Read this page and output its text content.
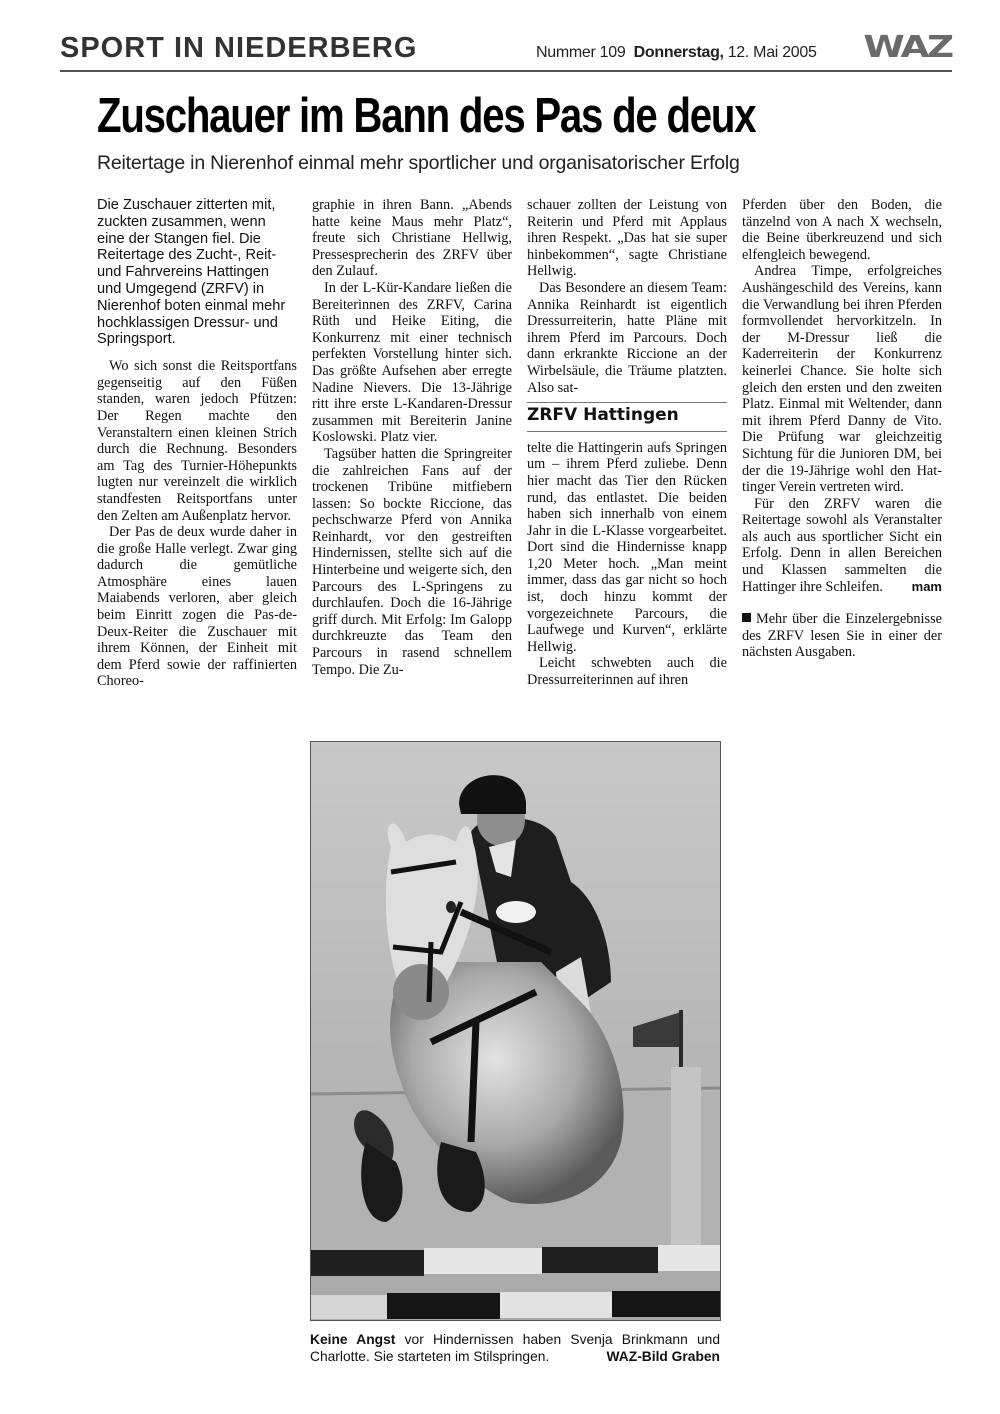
SPORT IN NIEDERBERG	Nummer 109 Donnerstag, 12. Mai 2005 WAZ
Zuschauer im Bann des Pas de deux
Reitertage in Nierenhof einmal mehr sportlicher und organisatorischer Erfolg

Die Zuschauer zitterten mit, zuckten zusammen, wenn eine der Stangen fiel. Die Reitertage des Zucht-, Reit- und Fahrvereins Hattingen und Umgegend (ZRFV) in Nierenhof boten einmal mehr hochklassigen Dressur- und Springsport.

Wo sich sonst die Reitsportfans gegenseitig auf den Füßen standen, waren jedoch Pfützen: Der Regen machte den Veranstaltern einen kleinen Strich durch die Rechnung. Besonders am Tag des Turnier-Höhepunkts lugten nur vereinzelt die wirklich standfesten Reitsportfans unter den Zelten am Außenplatz hervor.

Der Pas de deux wurde daher in die große Halle verlegt. Zwar ging dadurch die gemütliche Atmosphäre eines lauen Maiabends verloren, aber gleich beim Einritt zogen die Pas-de-Deux-Reiter die Zuschauer mit ihrem Können, der Einheit mit dem Pferd sowie der raffinierten Choreo-

graphie in ihren Bann. „Abends hatte keine Maus mehr Platz“, freute sich Christiane Hellwig, Pressesprecherin des ZRFV über den Zulauf.

In der L-Kür-Kandare ließen die Bereiterinnen des ZRFV, Carina Rüth und Heike Eiting, die Konkurrenz mit einer technisch perfekten Vorstellung hinter sich. Das größte Aufsehen aber erregte Nadine Nievers. Die 13-Jährige ritt ihre erste L-Kandaren-Dressur zusammen mit Bereiterin Janine Koslowski. Platz vier.

Tagsüber hatten die Springreiter die zahlreichen Fans auf der trockenen Tribüne mitfiebern lassen: So bockte Riccione, das pechschwarze Pferd von Annika Reinhardt, vor den gestreiften Hindernissen, stellte sich auf die Hinterbeine und weigerte sich, den Parcours des L-Springens zu durchlaufen. Doch die 16-Jährige griff durch. Mit Erfolg: Im Galopp durchkreuzte das Team den Parcours in rasend schnellem Tempo. Die Zu-

schauer zollten der Leistung von Reiterin und Pferd mit Applaus ihren Respekt. „Das hat sie super hinbekommen“, sagte Christiane Hellwig.

Das Besondere an diesem Team: Annika Reinhardt ist eigentlich Dressurreiterin, hatte Pläne mit ihrem Pferd im Parcours. Doch dann erkrankte Riccione an der Wirbelsäule, die Träume platzten. Also sat-

ZRFV Hattingen

telte die Hattingerin aufs Springen um – ihrem Pferd zuliebe. Denn hier macht das Tier den Rücken rund, das entlastet. Die beiden haben sich innerhalb von einem Jahr in die L-Klasse vorgearbeitet. Dort sind die Hindernisse knapp 1,20 Meter hoch. „Man meint immer, dass das gar nicht so hoch ist, doch hinzu kommt der vorgezeichnete Parcours, die Laufwege und Kurven“, erklärte Hellwig.

Leicht schwebten auch die Dressurreiterinnen auf ihren

Pferden über den Boden, die tänzelnd von A nach X wechseln, die Beine überkreuzend und sich elfengleich bewegend.

Andrea Timpe, erfolgreiches Aushängeschild des Vereins, kann die Verwandlung bei ihren Pferden formvollendet hervorkitzeln. In der M-Dressur ließ die Kaderreiterin der Konkurrenz keinerlei Chance. Sie holte sich gleich den ersten und den zweiten Platz. Einmal mit Weltender, dann mit ihrem Pferd Danny de Vito. Die Prüfung war gleichzeitig Sichtung für die Junioren DM, bei der die 19-Jährige wohl den Hattinger Verein vertreten wird.

Für den ZRFV waren die Reitertage sowohl als Veranstalter als auch aus sportlicher Sicht ein Erfolg. Denn in allen Bereichen und Klassen sammelten die Hattinger ihre Schleifen.	mam

Mehr über die Einzelergebnisse des ZRFV lesen Sie in einer der nächsten Ausgaben.

Keine Angst vor Hindernissen haben Svenja Brinkmann und Charlotte. Sie starteten im Stilspringen.	WAZ-Bild Graben
